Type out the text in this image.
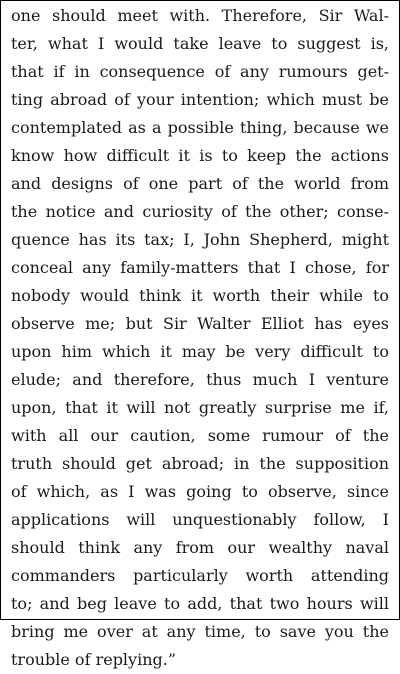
one should meet with. Therefore, Sir Wal-
ter, what I would take leave to suggest is,
that if in consequence of any rumours get-
ting abroad of your intention; which must be
contemplated as a possible thing, because we
know how difficult it is to keep the actions
and designs of one part of the world from
the notice and curiosity of the other; conse-
quence has its tax; I, John Shepherd, might
conceal any family-matters that I chose, for
nobody would think it worth their while to
observe me; but Sir Walter Elliot has eyes
upon him which it may be very difficult to
elude; and therefore, thus much I venture
upon, that it will not greatly surprise me if,
with all our caution, some rumour of the
truth should get abroad; in the supposition
of which, as I was going to observe, since
applications will unquestionably follow, I
should think any from our wealthy naval
commanders particularly worth attending
to; and beg leave to add, that two hours will
bring me over at any time, to save you the
trouble of replying.”
